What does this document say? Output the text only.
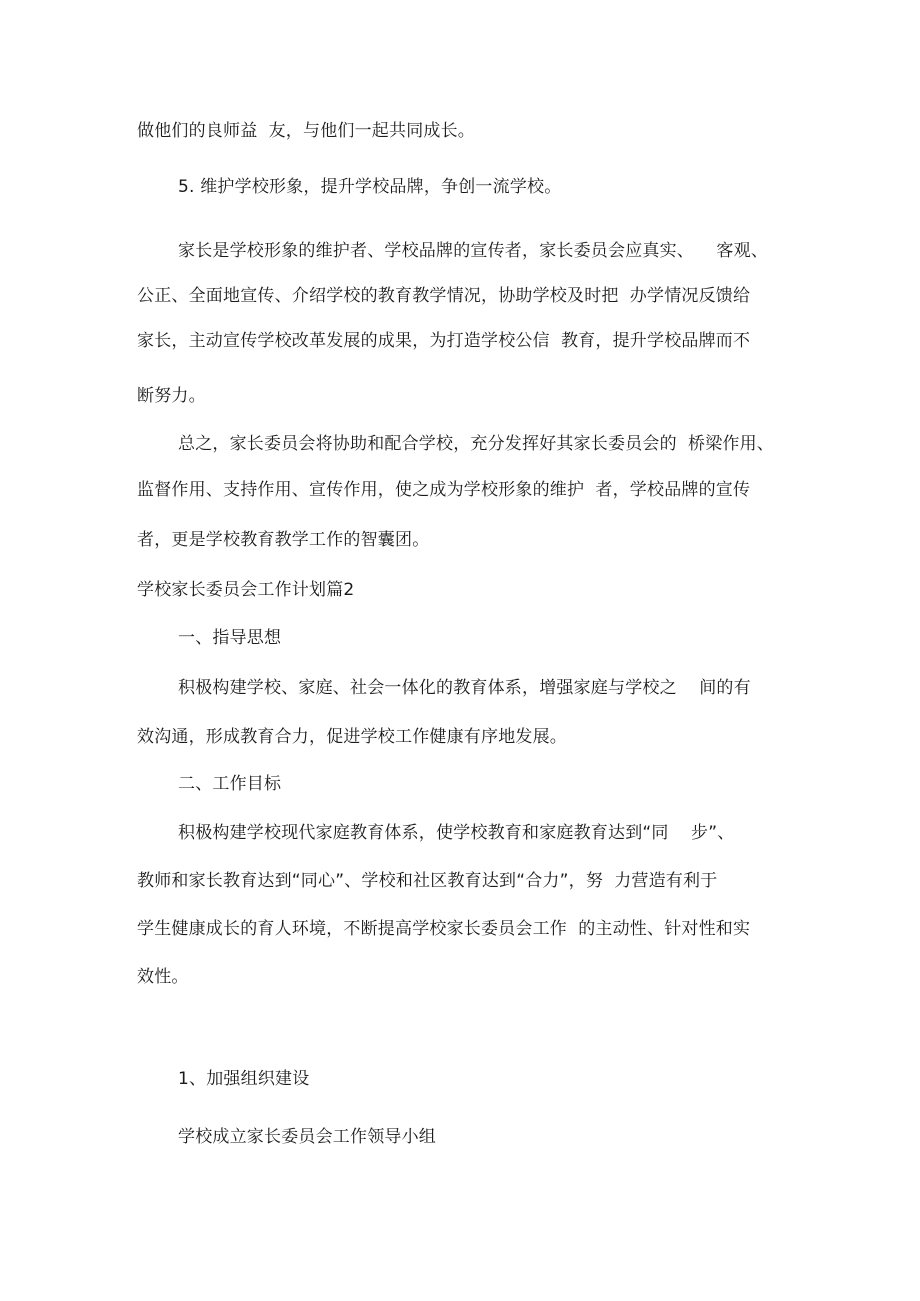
做他们的良师益  友，与他们一起共同成长。
5. 维护学校形象，提升学校品牌，争创一流学校。
家长是学校形象的维护者、学校品牌的宣传者，家长委员会应真实、    客观、
公正、全面地宣传、介绍学校的教育教学情况，协助学校及时把  办学情况反馈给
家长，主动宣传学校改革发展的成果，为打造学校公信  教育，提升学校品牌而不
断努力。
总之，家长委员会将协助和配合学校，充分发挥好其家长委员会的  桥梁作用、
监督作用、支持作用、宣传作用，使之成为学校形象的维护  者，学校品牌的宣传
者，更是学校教育教学工作的智囊团。
学校家长委员会工作计划篇2
一、指导思想
积极构建学校、家庭、社会一体化的教育体系，增强家庭与学校之    间的有
效沟通，形成教育合力，促进学校工作健康有序地发展。
二、工作目标
积极构建学校现代家庭教育体系，使学校教育和家庭教育达到“同    步”、
教师和家长教育达到“同心”、学校和社区教育达到“合力”，努  力营造有利于
学生健康成长的育人环境，不断提高学校家长委员会工作  的主动性、针对性和实
效性。
1、加强组织建设
学校成立家长委员会工作领导小组
